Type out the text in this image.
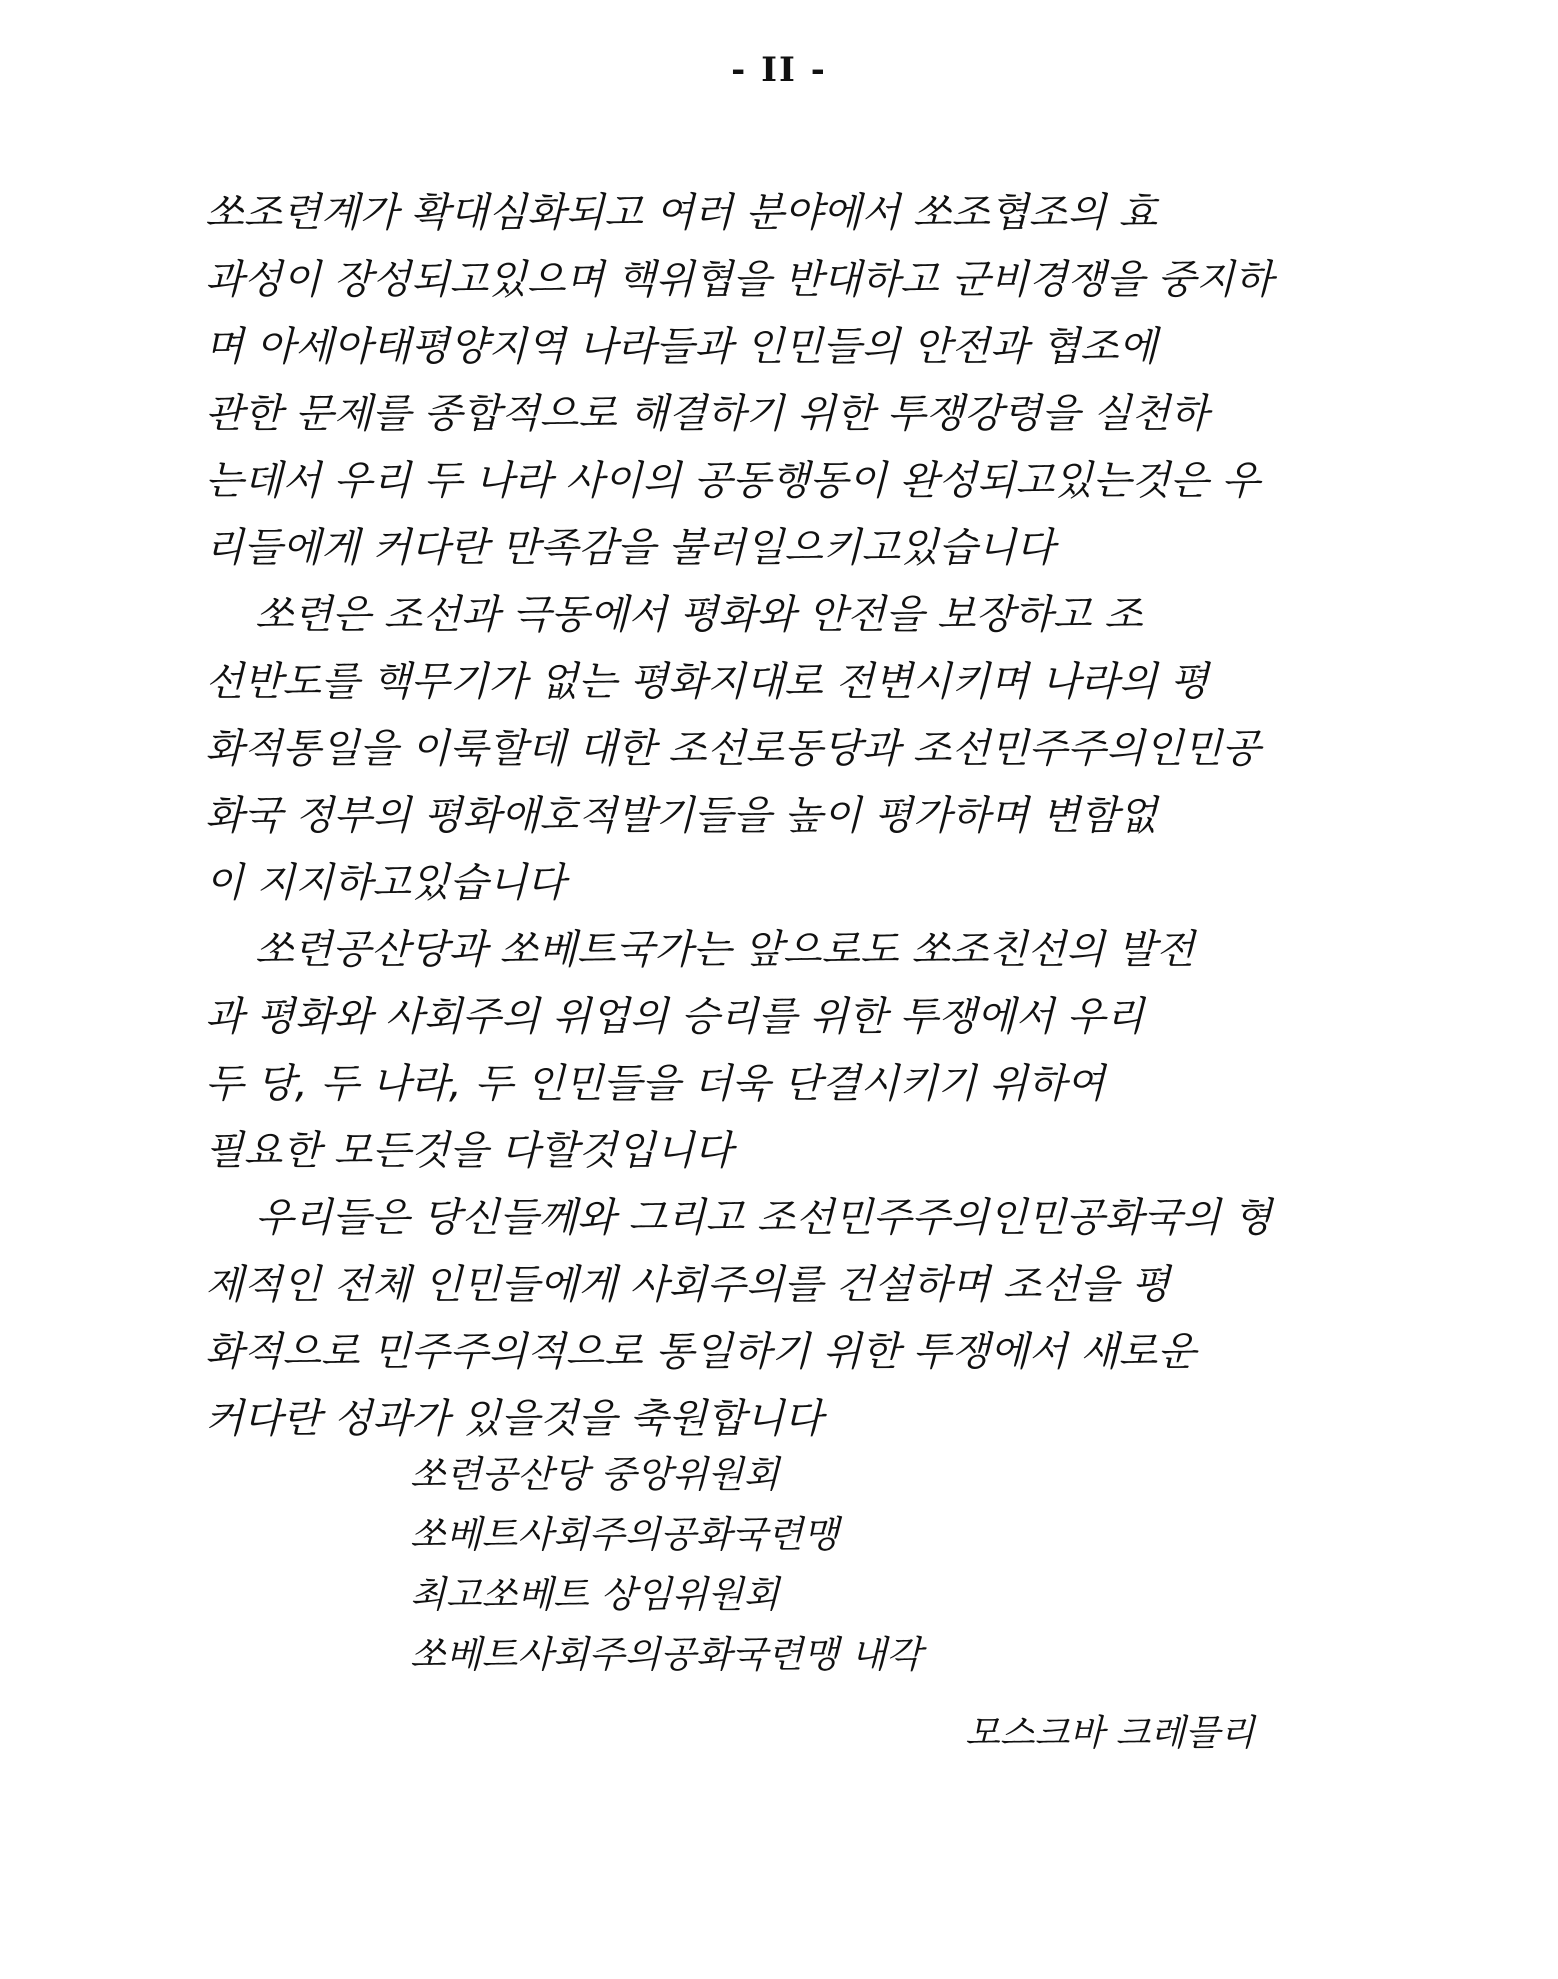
- II -
쏘조련계가 확대심화되고 여러 분야에서 쏘조협조의 효
과성이 장성되고있으며 핵위협을 반대하고 군비경쟁을 중지하
며 아세아태평양지역 나라들과 인민들의 안전과 협조에
관한 문제를 종합적으로 해결하기 위한 투쟁강령을 실천하
는데서 우리 두 나라 사이의 공동행동이 완성되고있는것은 우
리들에게 커다란 만족감을 불러일으키고있습니다
쏘련은 조선과 극동에서 평화와 안전을 보장하고 조
선반도를 핵무기가 없는 평화지대로 전변시키며 나라의 평
화적통일을 이룩할데 대한 조선로동당과 조선민주주의인민공
화국 정부의 평화애호적발기들을 높이 평가하며 변함없
이 지지하고있습니다
쏘련공산당과 쏘베트국가는 앞으로도 쏘조친선의 발전
과 평화와 사회주의 위업의 승리를 위한 투쟁에서 우리
두 당, 두 나라, 두 인민들을 더욱 단결시키기 위하여
필요한 모든것을 다할것입니다
우리들은 당신들께와 그리고 조선민주주의인민공화국의 형
제적인 전체 인민들에게 사회주의를 건설하며 조선을 평
화적으로 민주주의적으로 통일하기 위한 투쟁에서 새로운
커다란 성과가 있을것을 축원합니다
쏘련공산당 중앙위원회
쏘베트사회주의공화국련맹
최고쏘베트 상임위원회
쏘베트사회주의공화국련맹 내각
모스크바 크레믈리
